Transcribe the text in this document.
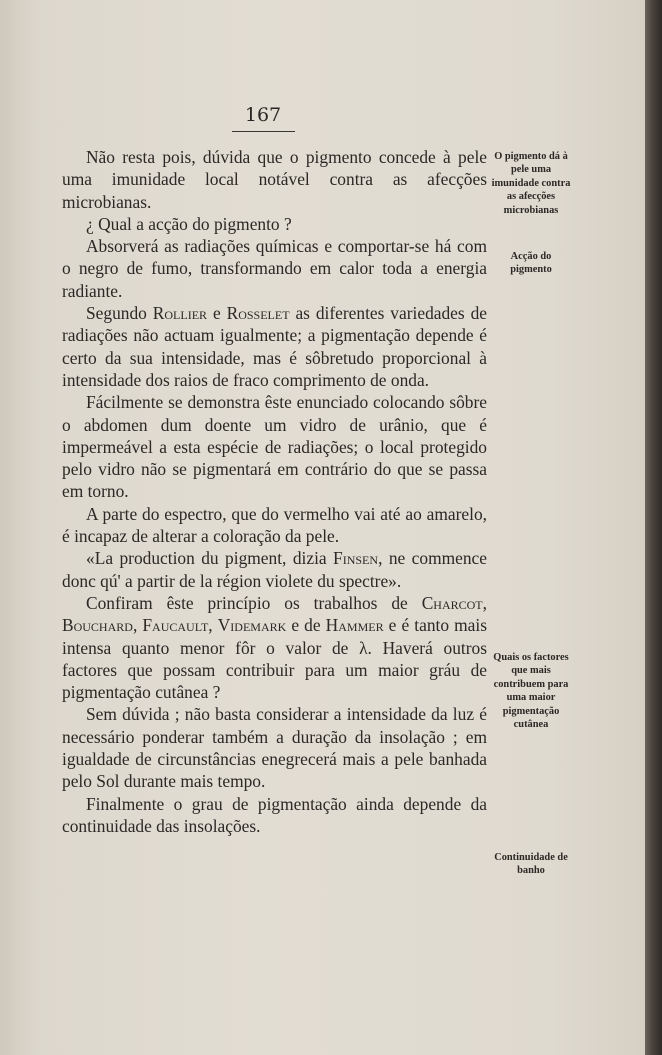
167

Não resta pois, dúvida que o pigmento concede à pele uma imunidade local notável contra as afecções microbianas.

¿ Qual a acção do pigmento ?

Absorverá as radiações químicas e comportar-se há com o negro de fumo, transformando em calor toda a energia radiante.

Segundo Rollier e Rosselet as diferentes variedades de radiações não actuam igualmente; a pigmentação depende é certo da sua intensidade, mas é sôbretudo proporcional à intensidade dos raios de fraco comprimento de onda.

Fácilmente se demonstra êste enunciado colocando sôbre o abdomen dum doente um vidro de urânio, que é impermeável a esta espécie de radiações; o local protegido pelo vidro não se pigmentará em contrário do que se passa em torno.

A parte do espectro, que do vermelho vai até ao amarelo, é incapaz de alterar a coloração da pele.

«La production du pigment, dizia Finsen, ne commence donc qú' a partir de la région violete du spectre».

Confiram êste princípio os trabalhos de Charcot, Bouchard, Faucault, Videmark e de Hammer e é tanto mais intensa quanto menor fôr o valor de λ. Haverá outros factores que possam contribuir para um maior gráu de pigmentação cutânea ?

Sem dúvida ; não basta considerar a intensidade da luz é necessário ponderar também a duração da insolação ; em igualdade de circunstâncias enegrecerá mais a pele banhada pelo Sol durante mais tempo.

Finalmente o grau de pigmentação ainda depende da continuidade das insolações.

O pigmento dá à pele uma imunidade contra as afecções microbianas
Acção do pigmento
Quais os factores que mais contribuem para uma maior pigmentação cutânea
Continuidade de banho
